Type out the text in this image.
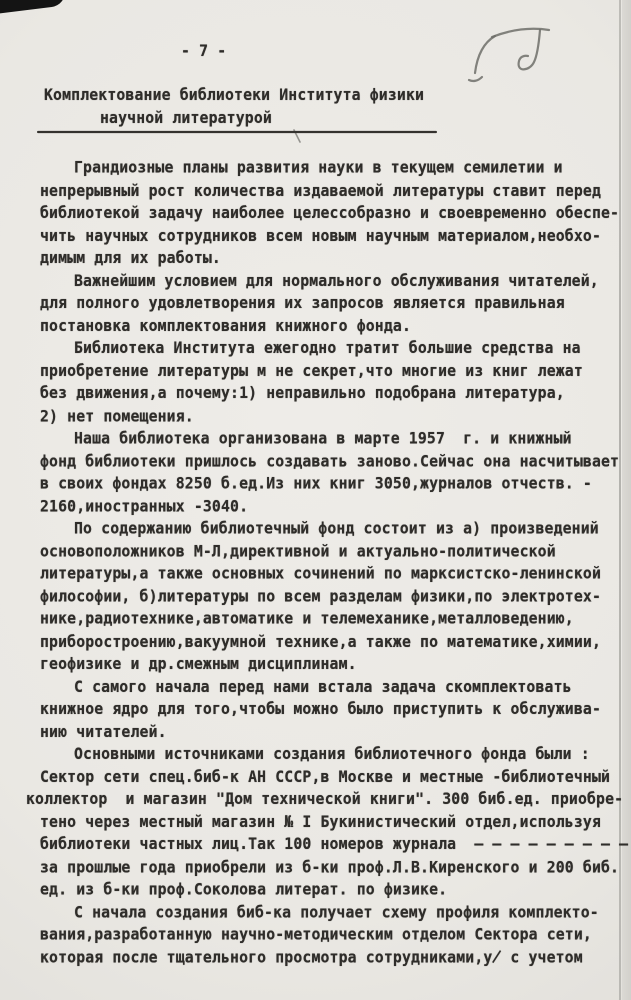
- 7 -
Комплектование библиотеки Института физики
научной литературой
Грандиозные планы развития науки в текущем семилетии и
непрерывный рост количества издаваемой литературы ставит перед
библиотекой задачу наиболее целессобразно и своевременно обеспе-
чить научных сотрудников всем новым научным материалом,необхо-
димым для их работы.
Важнейшим условием для нормального обслуживания читателей,
для полного удовлетворения их запросов является правильная
постановка комплектования книжного фонда.
Библиотека Института ежегодно тратит большие средства на
приобретение литературы м не секрет,что многие из книг лежат
без движения,а почему:1) неправильно подобрана литература,
2) нет помещения.
Наша библиотека организована в марте 1957  г. и книжный
фонд библиотеки пришлось создавать заново.Сейчас она насчитывает
в своих фондах 8250 б.ед.Из них книг 3050,журналов отчеств. -
2160,иностранных -3040.
По содержанию библиотечный фонд состоит из а) произведений
основоположников М-Л,директивной и актуально-политической
литературы,а также основных сочинений по марксистско-ленинской
философии, б)литературы по всем разделам физики,по электротех-
нике,радиотехнике,автоматике и телемеханике,металловедению,
приборостроению,вакуумной технике,а также по математике,химии,
геофизике и др.смежным дисциплинам.
С самого начала перед нами встала задача скомплектовать
книжное ядро для того,чтобы можно было приступить к обслужива-
нию читателей.
Основными источниками создания библиотечного фонда были :
Сектор сети спец.биб-к АН СССР,в Москве и местные -библиотечный
коллектор  и магазин "Дом технической книги". 300 биб.ед. приобре-
тено через местный магазин № I Букинистический отдел,используя
библиотеки частных лиц.Так 100 номеров журнала  – – – – – – – – –
за прошлые года приобрели из б-ки проф.Л.В.Киренского и 200 биб.
ед. из б-ки проф.Соколова литерат. по физике.
С начала создания биб-ка получает схему профиля комплекто-
вания,разработанную научно-методическим отделом Сектора сети,
которая после тщательного просмотра сотрудниками,у̸ с учетом
